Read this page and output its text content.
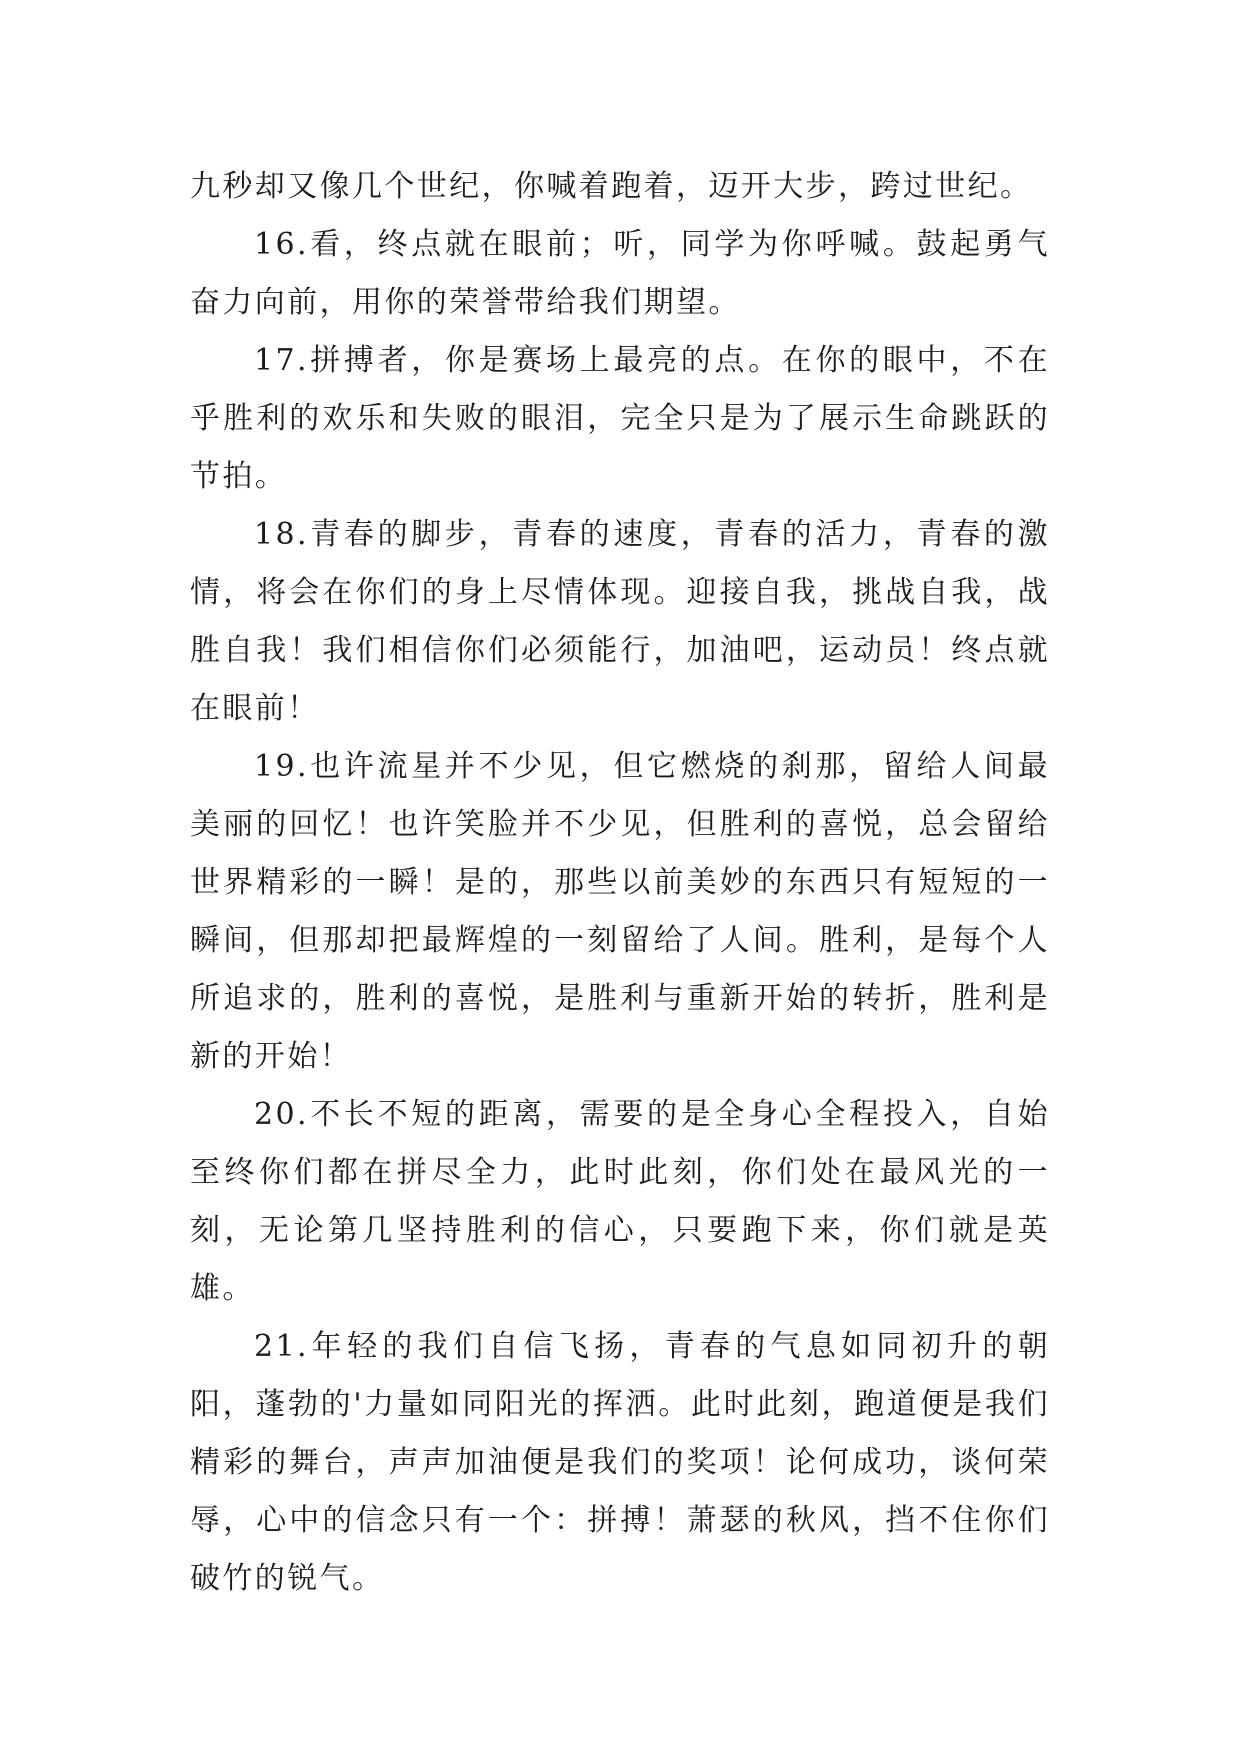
九秒却又像几个世纪，你喊着跑着，迈开大步，跨过世纪。

16.看，终点就在眼前；听，同学为你呼喊。鼓起勇气奋力向前，用你的荣誉带给我们期望。

17.拼搏者，你是赛场上最亮的点。在你的眼中，不在乎胜利的欢乐和失败的眼泪，完全只是为了展示生命跳跃的节拍。

18.青春的脚步，青春的速度，青春的活力，青春的激情，将会在你们的身上尽情体现。迎接自我，挑战自我，战胜自我！我们相信你们必须能行，加油吧，运动员！终点就在眼前！

19.也许流星并不少见，但它燃烧的刹那，留给人间最美丽的回忆！也许笑脸并不少见，但胜利的喜悦，总会留给世界精彩的一瞬！是的，那些以前美妙的东西只有短短的一瞬间，但那却把最辉煌的一刻留给了人间。胜利，是每个人所追求的，胜利的喜悦，是胜利与重新开始的转折，胜利是新的开始！

20.不长不短的距离，需要的是全身心全程投入，自始至终你们都在拼尽全力，此时此刻，你们处在最风光的一刻，无论第几坚持胜利的信心，只要跑下来，你们就是英雄。

21.年轻的我们自信飞扬，青春的气息如同初升的朝阳，蓬勃的'力量如同阳光的挥洒。此时此刻，跑道便是我们精彩的舞台，声声加油便是我们的奖项！论何成功，谈何荣辱，心中的信念只有一个：拼搏！萧瑟的秋风，挡不住你们破竹的锐气。
